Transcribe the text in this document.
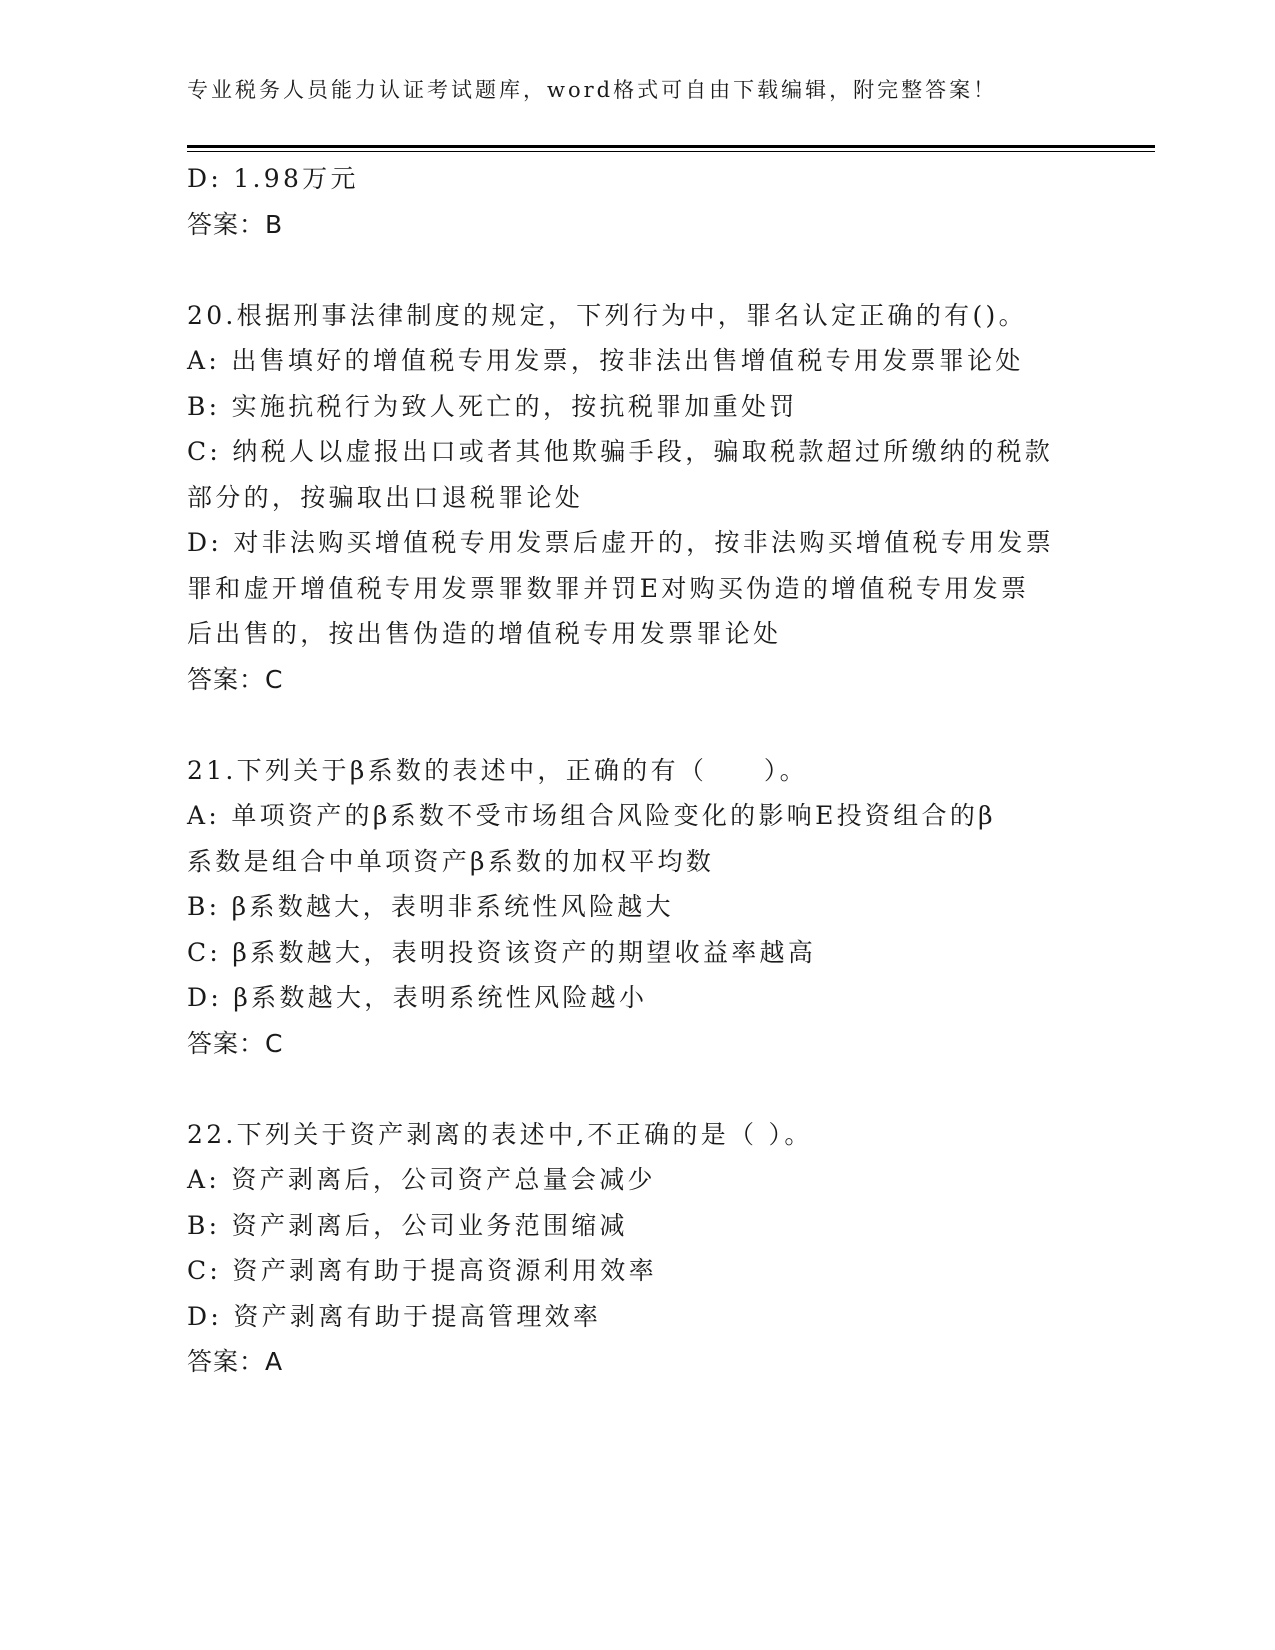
专业税务人员能力认证考试题库，word格式可自由下载编辑，附完整答案！
D: 1.98万元
答案：B
20.根据刑事法律制度的规定，下列行为中，罪名认定正确的有()。
A: 出售填好的增值税专用发票，按非法出售增值税专用发票罪论处
B: 实施抗税行为致人死亡的，按抗税罪加重处罚
C: 纳税人以虚报出口或者其他欺骗手段，骗取税款超过所缴纳的税款
部分的，按骗取出口退税罪论处
D: 对非法购买增值税专用发票后虚开的，按非法购买增值税专用发票
罪和虚开增值税专用发票罪数罪并罚E对购买伪造的增值税专用发票
后出售的，按出售伪造的增值税专用发票罪论处
答案：C
21.下列关于β系数的表述中，正确的有（　　）。
A: 单项资产的β系数不受市场组合风险变化的影响E投资组合的β
系数是组合中单项资产β系数的加权平均数
B: β系数越大，表明非系统性风险越大
C: β系数越大，表明投资该资产的期望收益率越高
D: β系数越大，表明系统性风险越小
答案：C
22.下列关于资产剥离的表述中,不正确的是（ ）。
A: 资产剥离后，公司资产总量会减少
B: 资产剥离后，公司业务范围缩减
C: 资产剥离有助于提高资源利用效率
D: 资产剥离有助于提高管理效率
答案：A
